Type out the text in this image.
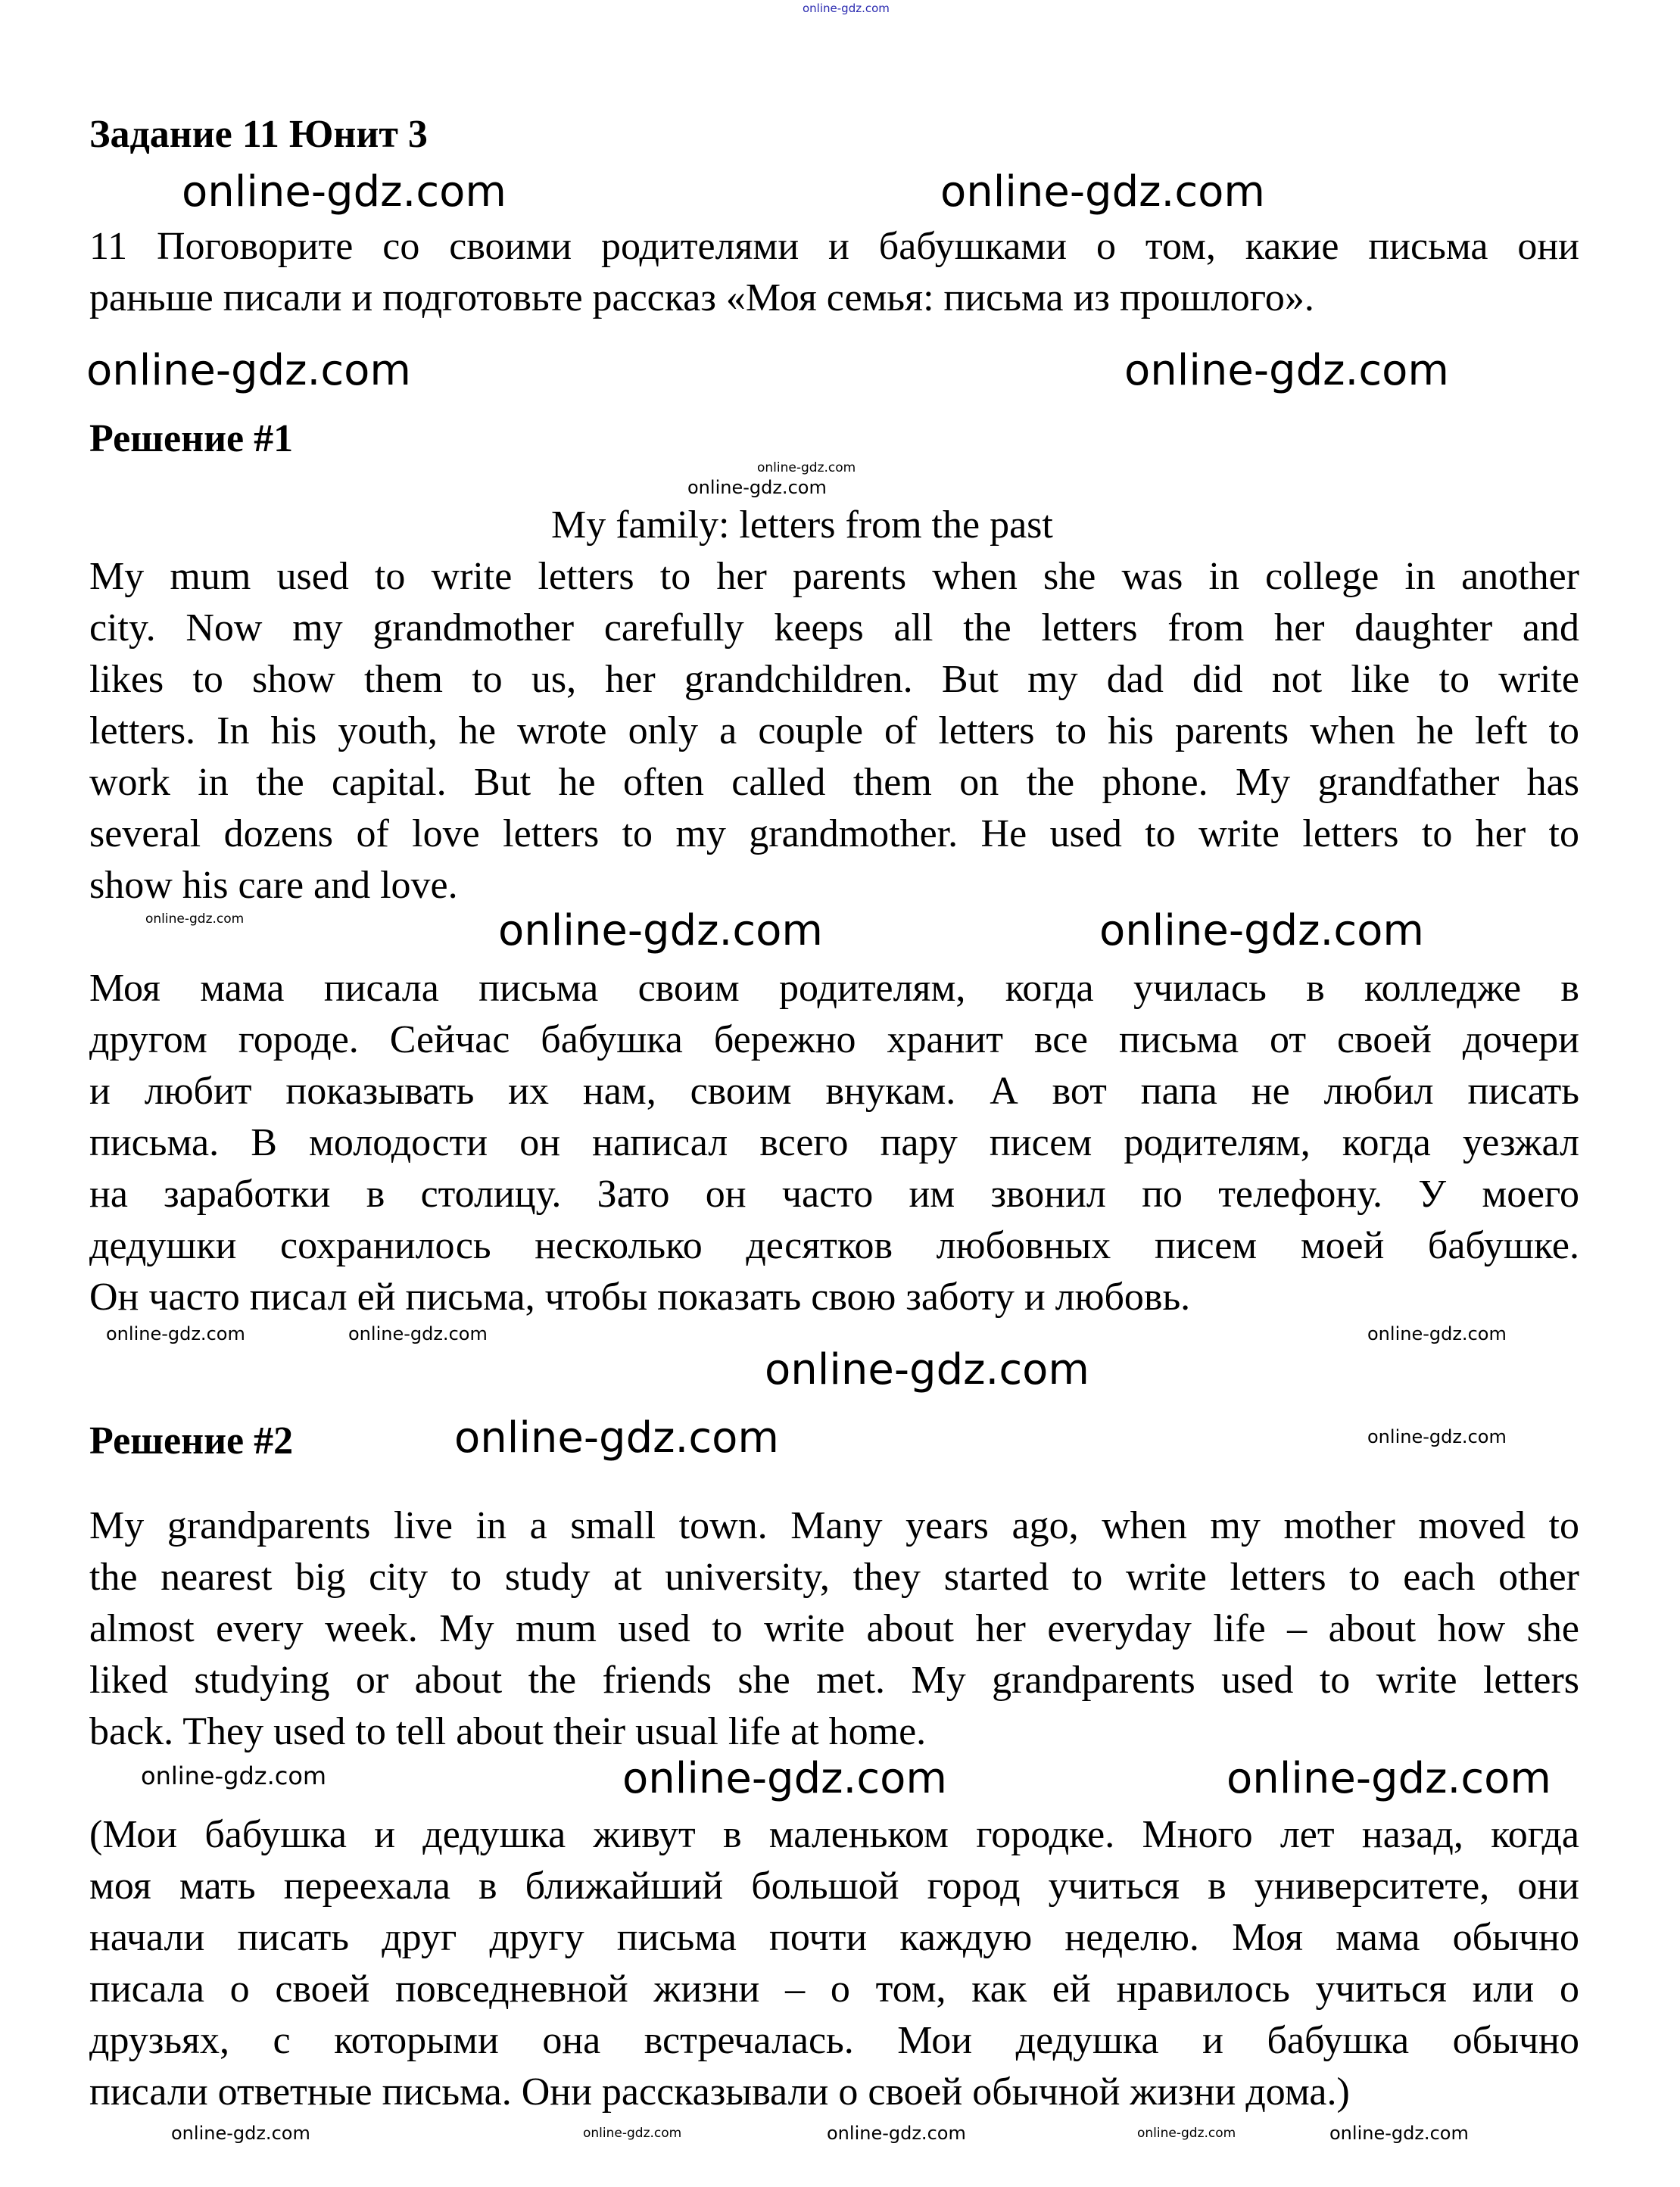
online-gdz.com
Задание 11 Юнит 3
11 Поговорите со своими родителями и бабушками о том, какие письма они
раньше писали и подготовьте рассказ «Моя семья: письма из прошлого».
Решение #1
My family: letters from the past
My mum used to write letters to her parents when she was in college in another
city. Now my grandmother carefully keeps all the letters from her daughter and
likes to show them to us, her grandchildren. But my dad did not like to write
letters. In his youth, he wrote only a couple of letters to his parents when he left to
work in the capital. But he often called them on the phone. My grandfather has
several dozens of love letters to my grandmother. He used to write letters to her to
show his care and love.
Моя мама писала письма своим родителям, когда училась в колледже в
другом городе. Сейчас бабушка бережно хранит все письма от своей дочери
и любит показывать их нам, своим внукам. А вот папа не любил писать
письма. В молодости он написал всего пару писем родителям, когда уезжал
на заработки в столицу. Зато он часто им звонил по телефону. У моего
дедушки сохранилось несколько десятков любовных писем моей бабушке.
Он часто писал ей письма, чтобы показать свою заботу и любовь.
Решение #2
My grandparents live in a small town. Many years ago, when my mother moved to
the nearest big city to study at university, they started to write letters to each other
almost every week. My mum used to write about her everyday life – about how she
liked studying or about the friends she met. My grandparents used to write letters
back. They used to tell about their usual life at home.
(Мои бабушка и дедушка живут в маленьком городке. Много лет назад, когда
моя мать переехала в ближайший большой город учиться в университете, они
начали писать друг другу письма почти каждую неделю. Моя мама обычно
писала о своей повседневной жизни – о том, как ей нравилось учиться или о
друзьях, с которыми она встречалась. Мои дедушка и бабушка обычно
писали ответные письма. Они рассказывали о своей обычной жизни дома.)
online-gdz.com	online-gdz.com
online-gdz.com
online-gdz.com	online-gdz.com
online-gdz.com
online-gdz.com	online-gdz.com
online-gdz.com
online-gdz.com	online-gdz.com	online-gdz.com
online-gdz.com
online-gdz.com
online-gdz.com
online-gdz.com
online-gdz.com	online-gdz.com
online-gdz.com	online-gdz.com	online-gdz.com	online-gdz.com	online-gdz.com
